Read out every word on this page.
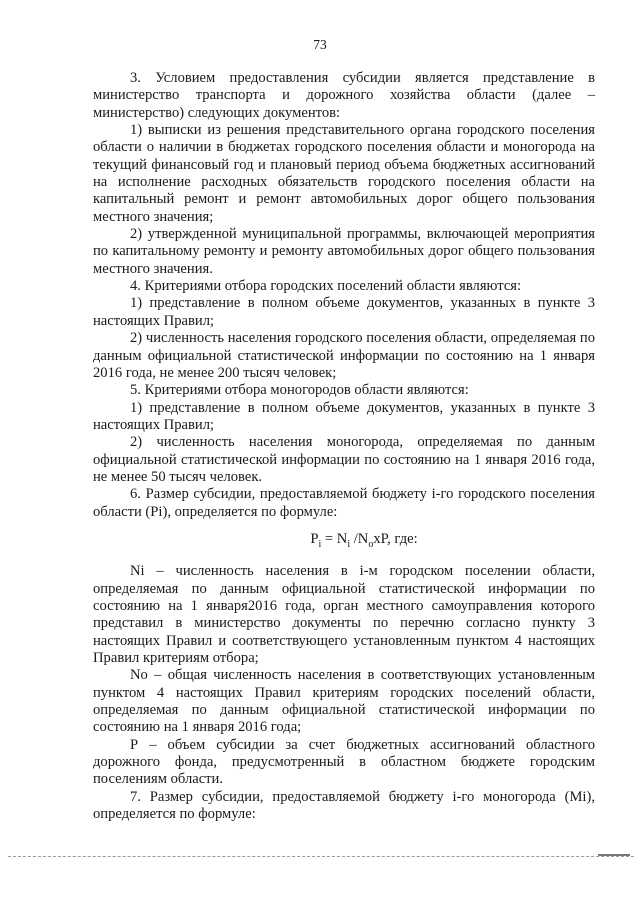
73

3. Условием предоставления субсидии является представление в министерство транспорта и дорожного хозяйства области (далее – министерство) следующих документов:

1) выписки из решения представительного органа городского поселения области о наличии в бюджетах городского поселения области и моногорода на текущий финансовый год и плановый период объема бюджетных ассигнований на исполнение расходных обязательств городского поселения области на капитальный ремонт и ремонт автомобильных дорог общего пользования местного значения;

2) утвержденной муниципальной программы, включающей мероприятия по капитальному ремонту и ремонту автомобильных дорог общего пользования местного значения.

4. Критериями отбора городских поселений области являются:

1) представление в полном объеме документов, указанных в пункте 3 настоящих Правил;

2) численность населения городского поселения области, определяемая по данным официальной статистической информации по состоянию на 1 января 2016 года, не менее 200 тысяч человек;

5. Критериями отбора моногородов области являются:

1) представление в полном объеме документов, указанных в пункте 3 настоящих Правил;

2) численность населения моногорода, определяемая по данным официальной статистической информации по состоянию на 1 января 2016 года, не менее 50 тысяч человек.

6. Размер субсидии, предоставляемой бюджету i-го городского поселения области (Pi), определяется по формуле:

$P_i = N_i$ $/N_oхP$, где:

Ni – численность населения в i-м городском поселении области, определяемая по данным официальной статистической информации по состоянию на 1 января2016 года, орган местного самоуправления которого представил в министерство документы по перечню согласно пункту 3 настоящих Правил и соответствующего установленным пунктом 4 настоящих Правил критериям отбора;

Nо – общая численность населения в соответствующих установленным пунктом 4 настоящих Правил критериям городских поселений области, определяемая по данным официальной статистической информации по состоянию на 1 января 2016 года;

Р – объем субсидии за счет бюджетных ассигнований областного дорожного фонда, предусмотренный в областном бюджете городским поселениям области.

7. Размер субсидии, предоставляемой бюджету i-го моногорода (Мi), определяется по формуле:
